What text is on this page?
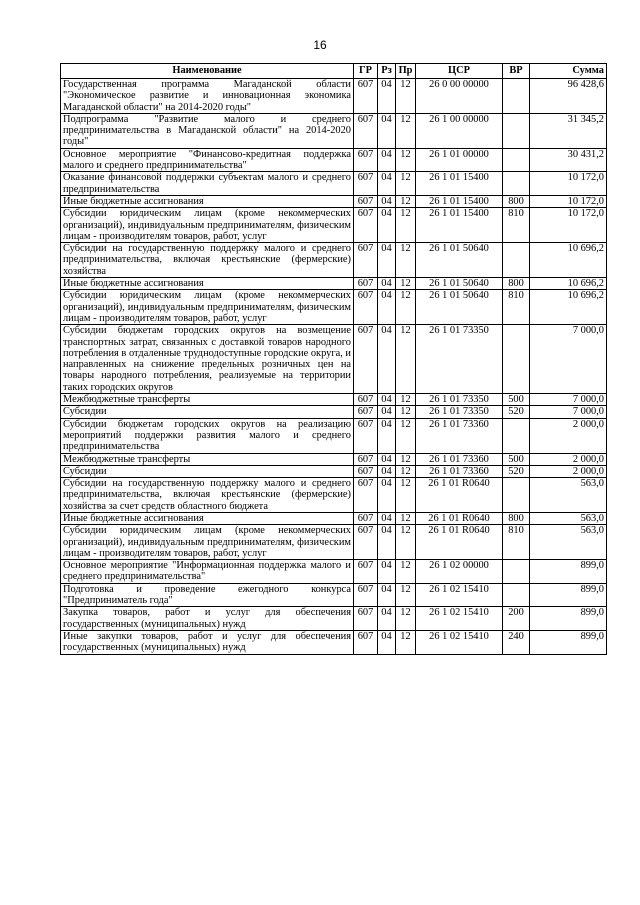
16
Наименование	ГР	Рз	Пр	ЦСР	ВР	Сумма
Государственная программа Магаданской области "Экономическое развитие и инновационная экономика Магаданской области" на 2014-2020 годы"	607	04	12	26 0 00 00000		96 428,6
Подпрограмма "Развитие малого и среднего предпринимательства в Магаданской области" на 2014-2020 годы"	607	04	12	26 1 00 00000		31 345,2
Основное мероприятие "Финансово-кредитная поддержка малого и среднего предпринимательства"	607	04	12	26 1 01 00000		30 431,2
Оказание финансовой поддержки субъектам малого и среднего предпринимательства	607	04	12	26 1 01 15400		10 172,0
Иные бюджетные ассигнования	607	04	12	26 1 01 15400	800	10 172,0
Субсидии юридическим лицам (кроме некоммерческих организаций), индивидуальным предпринимателям, физическим лицам - производителям товаров, работ, услуг	607	04	12	26 1 01 15400	810	10 172,0
Субсидии на государственную поддержку малого и среднего предпринимательства, включая крестьянские (фермерские) хозяйства	607	04	12	26 1 01 50640		10 696,2
Иные бюджетные ассигнования	607	04	12	26 1 01 50640	800	10 696,2
Субсидии юридическим лицам (кроме некоммерческих организаций), индивидуальным предпринимателям, физическим лицам - производителям товаров, работ, услуг	607	04	12	26 1 01 50640	810	10 696,2
Субсидии бюджетам городских округов на возмещение транспортных затрат, связанных с доставкой товаров народного потребления в отдаленные труднодоступные городские округа, и направленных на снижение предельных розничных цен на товары народного потребления, реализуемые на территории таких городских округов	607	04	12	26 1 01 73350		7 000,0
Межбюджетные трансферты	607	04	12	26 1 01 73350	500	7 000,0
Субсидии	607	04	12	26 1 01 73350	520	7 000,0
Субсидии бюджетам городских округов на реализацию мероприятий поддержки развития малого и среднего предпринимательства	607	04	12	26 1 01 73360		2 000,0
Межбюджетные трансферты	607	04	12	26 1 01 73360	500	2 000,0
Субсидии	607	04	12	26 1 01 73360	520	2 000,0
Субсидии на государственную поддержку малого и среднего предпринимательства, включая крестьянские (фермерские) хозяйства за счет средств областного бюджета	607	04	12	26 1 01 R0640		563,0
Иные бюджетные ассигнования	607	04	12	26 1 01 R0640	800	563,0
Субсидии юридическим лицам (кроме некоммерческих организаций), индивидуальным предпринимателям, физическим лицам - производителям товаров, работ, услуг	607	04	12	26 1 01 R0640	810	563,0
Основное мероприятие "Информационная поддержка малого и среднего предпринимательства"	607	04	12	26 1 02 00000		899,0
Подготовка и проведение ежегодного конкурса "Предприниматель года"	607	04	12	26 1 02 15410		899,0
Закупка товаров, работ и услуг для обеспечения государственных (муниципальных) нужд	607	04	12	26 1 02 15410	200	899,0
Иные закупки товаров, работ и услуг для обеспечения государственных (муниципальных) нужд	607	04	12	26 1 02 15410	240	899,0
